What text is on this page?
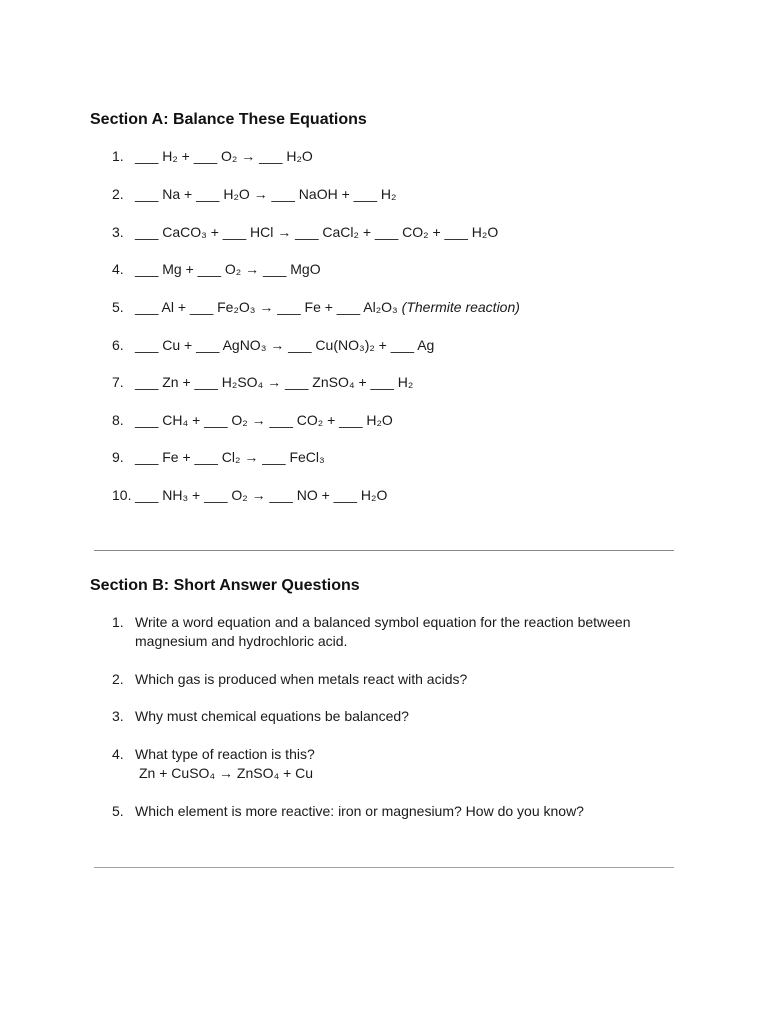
Section A: Balance These Equations
1. ___ H₂ + ___ O₂ → ___ H₂O
2. ___ Na + ___ H₂O → ___ NaOH + ___ H₂
3. ___ CaCO₃ + ___ HCl → ___ CaCl₂ + ___ CO₂ + ___ H₂O
4. ___ Mg + ___ O₂ → ___ MgO
5. ___ Al + ___ Fe₂O₃ → ___ Fe + ___ Al₂O₃ (Thermite reaction)
6. ___ Cu + ___ AgNO₃ → ___ Cu(NO₃)₂ + ___ Ag
7. ___ Zn + ___ H₂SO₄ → ___ ZnSO₄ + ___ H₂
8. ___ CH₄ + ___ O₂ → ___ CO₂ + ___ H₂O
9. ___ Fe + ___ Cl₂ → ___ FeCl₃
10. ___ NH₃ + ___ O₂ → ___ NO + ___ H₂O
Section B: Short Answer Questions
1. Write a word equation and a balanced symbol equation for the reaction between magnesium and hydrochloric acid.
2. Which gas is produced when metals react with acids?
3. Why must chemical equations be balanced?
4. What type of reaction is this?
Zn + CuSO₄ → ZnSO₄ + Cu
5. Which element is more reactive: iron or magnesium? How do you know?
